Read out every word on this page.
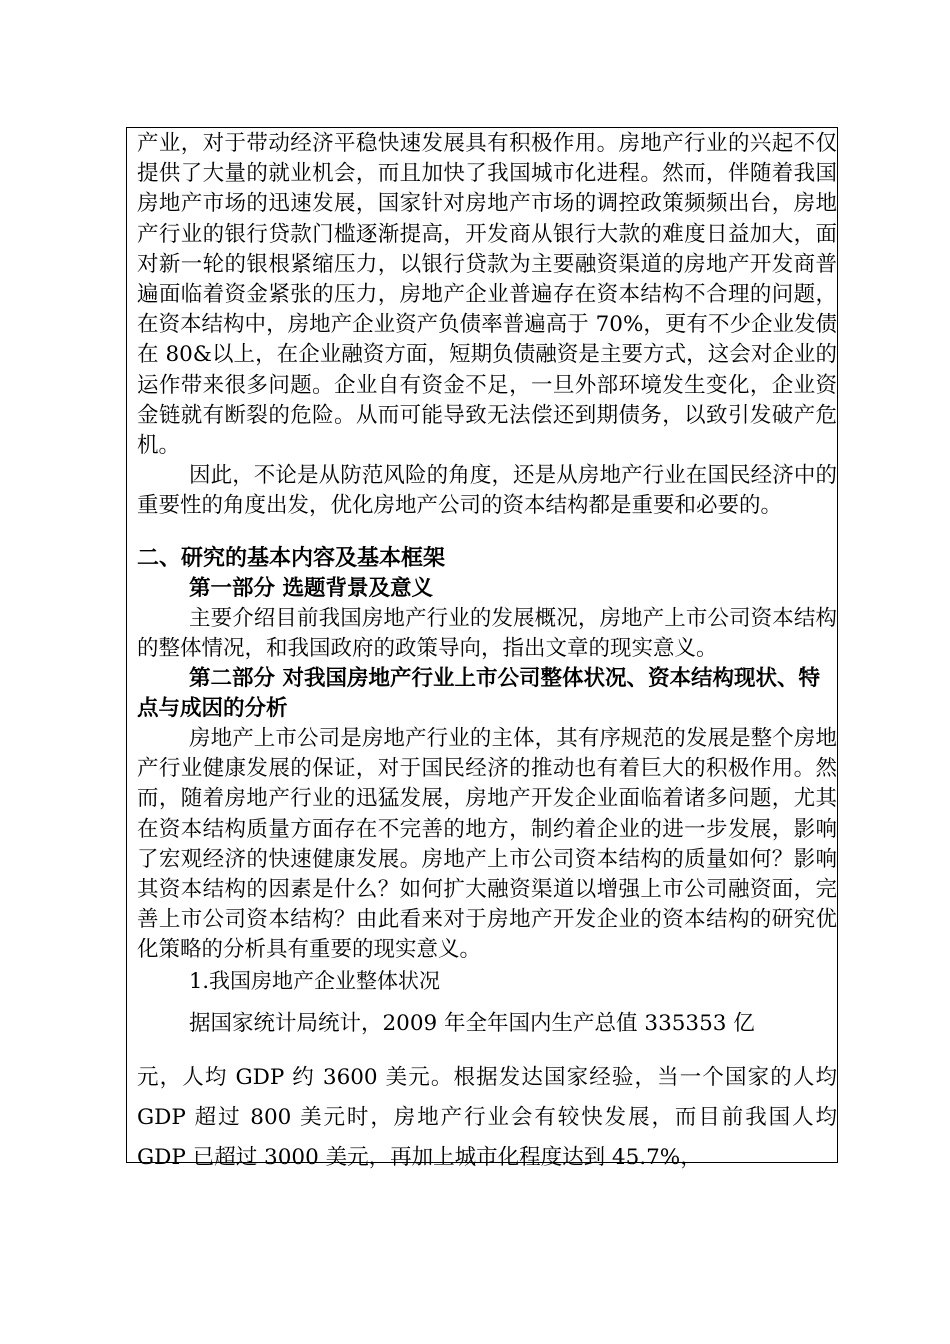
产业，对于带动经济平稳快速发展具有积极作用。房地产行业的兴起不仅提供了大量的就业机会，而且加快了我国城市化进程。然而，伴随着我国房地产市场的迅速发展，国家针对房地产市场的调控政策频频出台，房地产行业的银行贷款门槛逐渐提高，开发商从银行大款的难度日益加大，面对新一轮的银根紧缩压力，以银行贷款为主要融资渠道的房地产开发商普遍面临着资金紧张的压力，房地产企业普遍存在资本结构不合理的问题，在资本结构中，房地产企业资产负债率普遍高于 70%，更有不少企业发债在 80&以上，在企业融资方面，短期负债融资是主要方式，这会对企业的运作带来很多问题。企业自有资金不足，一旦外部环境发生变化，企业资金链就有断裂的危险。从而可能导致无法偿还到期债务，以致引发破产危机。

因此，不论是从防范风险的角度，还是从房地产行业在国民经济中的重要性的角度出发，优化房地产公司的资本结构都是重要和必要的。

二、研究的基本内容及基本框架

第一部分 选题背景及意义

主要介绍目前我国房地产行业的发展概况，房地产上市公司资本结构的整体情况，和我国政府的政策导向，指出文章的现实意义。

第二部分 对我国房地产行业上市公司整体状况、资本结构现状、特点与成因的分析

房地产上市公司是房地产行业的主体，其有序规范的发展是整个房地产行业健康发展的保证，对于国民经济的推动也有着巨大的积极作用。然而，随着房地产行业的迅猛发展，房地产开发企业面临着诸多问题，尤其在资本结构质量方面存在不完善的地方，制约着企业的进一步发展，影响了宏观经济的快速健康发展。房地产上市公司资本结构的质量如何？影响其资本结构的因素是什么？如何扩大融资渠道以增强上市公司融资面，完善上市公司资本结构？由此看来对于房地产开发企业的资本结构的研究优化策略的分析具有重要的现实意义。

1.我国房地产企业整体状况

据国家统计局统计，2009 年全年国内生产总值 335353 亿

元，人均 GDP 约 3600 美元。根据发达国家经验，当一个国家的人均 GDP 超过 800 美元时，房地产行业会有较快发展，而目前我国人均 GDP 已超过 3000 美元，再加上城市化程度达到 45.7%，
